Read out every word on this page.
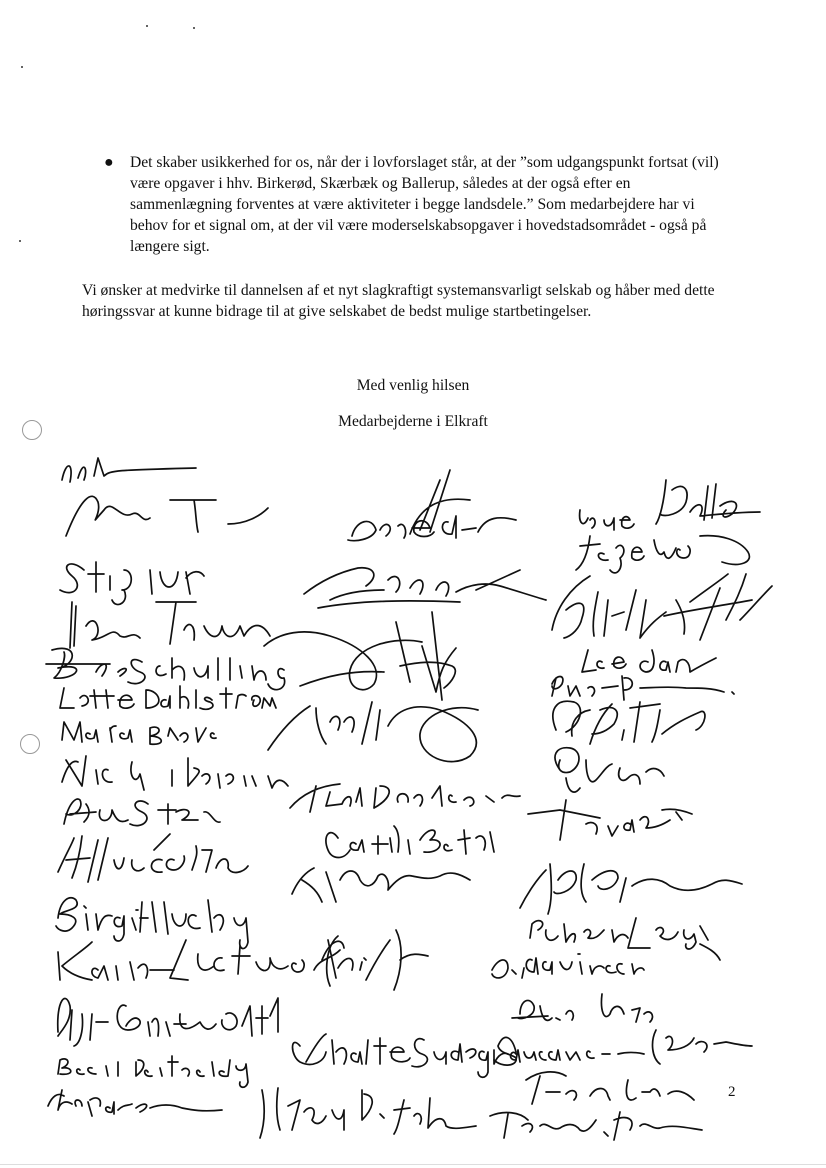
● Det skaber usikkerhed for os, når der i lovforslaget står, at der ”som udgangspunkt fortsat (vil) være opgaver i hhv. Birkerød, Skærbæk og Ballerup, således at der også efter en sammenlægning forventes at være aktiviteter i begge landsdele.” Som medarbejdere har vi behov for et signal om, at der vil være moderselskabsopgaver i hovedstadsområdet - også på længere sigt.

Vi ønsker at medvirke til dannelsen af et nyt slagkraftigt systemansvarligt selskab og håber med dette høringssvar at kunne bidrage til at give selskabet de bedst mulige startbetingelser.

Med venlig hilsen

Medarbejderne i Elkraft

2
